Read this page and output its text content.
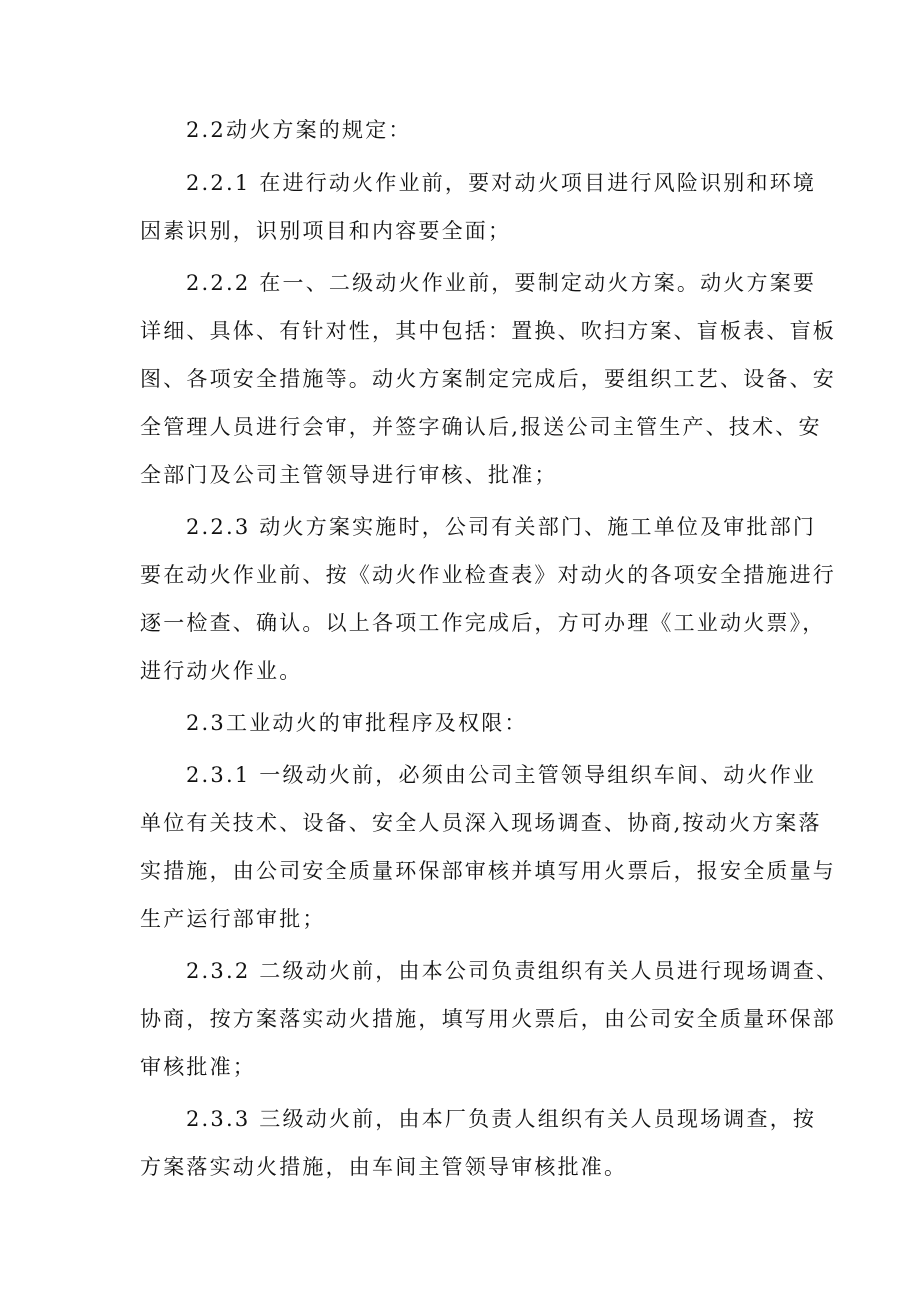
2.2动火方案的规定：
2.2.1 在进行动火作业前，要对动火项目进行风险识别和环境
因素识别，识别项目和内容要全面；
2.2.2 在一、二级动火作业前，要制定动火方案。动火方案要
详细、具体、有针对性，其中包括：置换、吹扫方案、盲板表、盲板
图、各项安全措施等。动火方案制定完成后，要组织工艺、设备、安
全管理人员进行会审，并签字确认后,报送公司主管生产、技术、安
全部门及公司主管领导进行审核、批准；
2.2.3 动火方案实施时，公司有关部门、施工单位及审批部门
要在动火作业前、按《动火作业检查表》对动火的各项安全措施进行
逐一检查、确认。以上各项工作完成后，方可办理《工业动火票》，
进行动火作业。
2.3工业动火的审批程序及权限：
2.3.1 一级动火前，必须由公司主管领导组织车间、动火作业
单位有关技术、设备、安全人员深入现场调查、协商,按动火方案落
实措施，由公司安全质量环保部审核并填写用火票后，报安全质量与
生产运行部审批；
2.3.2 二级动火前，由本公司负责组织有关人员进行现场调查、
协商，按方案落实动火措施，填写用火票后，由公司安全质量环保部
审核批准；
2.3.3 三级动火前，由本厂负责人组织有关人员现场调查，按
方案落实动火措施，由车间主管领导审核批准。
